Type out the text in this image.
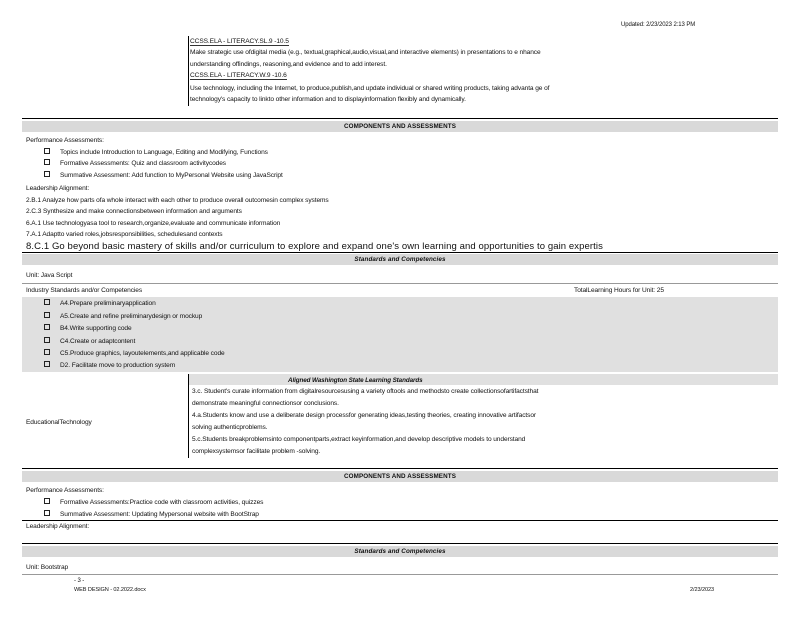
Updated: 2/23/2023 2:13 PM
CCSS.ELA - LITERACY.SL.9 -10.5
Make strategic use ofdigital media (e.g., textual,graphical,audio,visual,and interactive elements) in presentations to e nhance
understanding offindings, reasoning,and evidence and to add interest.
CCSS.ELA - LITERACY.W.9 -10.6
Use technology, including the Internet, to produce,publish,and update individual or shared writing products, taking advanta ge of
technology's capacity to linkto other information and to displayinformation flexibly and dynamically.
COMPONENTS AND ASSESSMENTS
Performance Assessments:
Topics include Introduction to Language, Editing and Modifying, Functions
Formative Assessments: Quiz and classroom activitycodes
Summative Assessment: Add function to MyPersonal Website using JavaScript
Leadership Alignment:
2.B.1 Analyze how parts ofa whole interact with each other to produce overall outcomesin complex systems
2.C.3 Synthesize and make connectionsbetween information and arguments
6.A.1 Use technologyasa tool to research,organize,evaluate and communicate information
7.A.1 Adaptto varied roles,jobsresponsibilities, schedulesand contexts
8.C.1 Go beyond basic mastery of skills and/or curriculum to explore and expand one's own learning and opportunities to gain expertis
Standards and Competencies
Unit: Java Script
Industry Standards and/or Competencies	TotalLearning Hours for Unit: 25
A4.Prepare preliminaryapplication
A5.Create and refine preliminarydesign or mockup
B4.Write supporting code
C4.Create or adaptcontent
C5.Produce graphics, layoutelements,and applicable code
D2. Facilitate move to production system
Aligned Washington State Learning Standards
EducationalTechnology
3.c. Student's curate information from digitalresourcesusing a variety oftools and methodsto create collectionsofartifactsthat
demonstrate meaningful connectionsor conclusions.
4.a.Students know and use a deliberate design processfor generating ideas,testing theories, creating innovative artifactsor
solving authenticproblems.
5.c.Students breakproblemsinto componentparts,extract keyinformation,and develop descriptive models to understand
complexsystemsor facilitate problem -solving.
COMPONENTS AND ASSESSMENTS
Performance Assessments:
Formative Assessments:Practice code with classroom activities, quizzes
Summative Assessment: Updating Mypersonal website with BootStrap
Leadership Alignment:
Standards and Competencies
Unit: Bootstrap
- 3 -
WEB DESIGN - 02.2022.docx	2/23/2023
